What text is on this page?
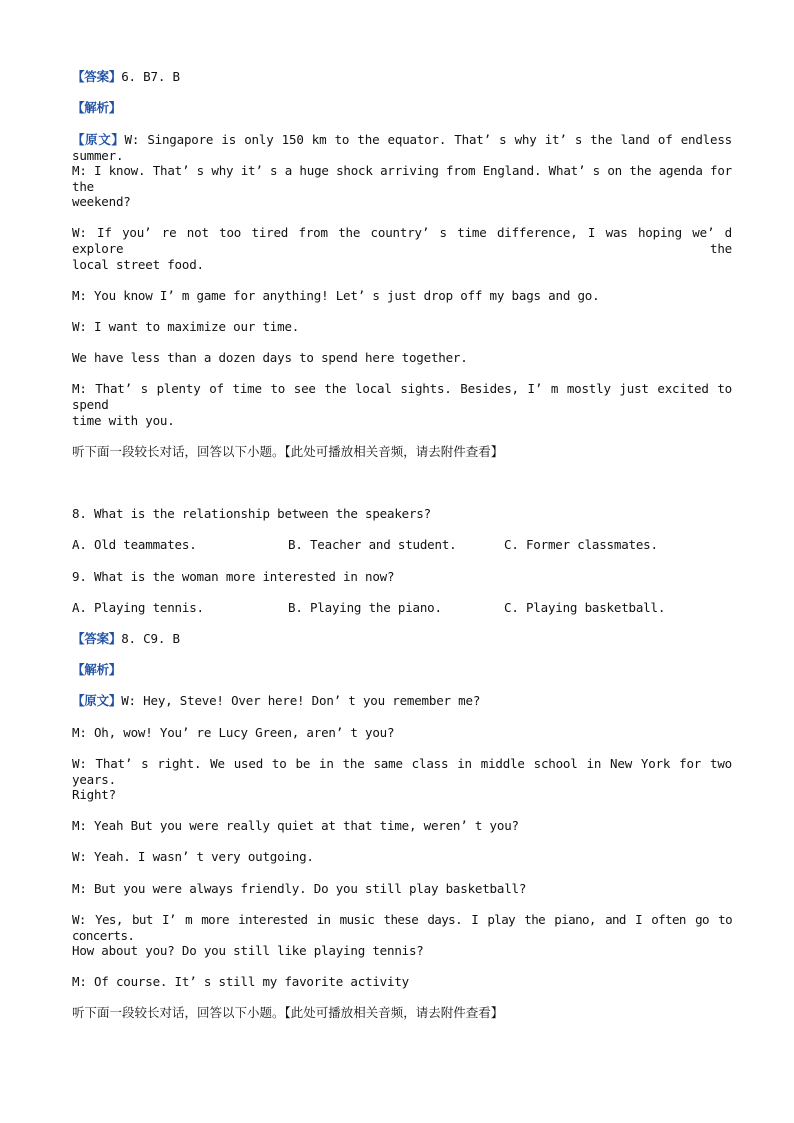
【答案】6. B7. B
【解析】
【原文】W: Singapore is only 150 km to the equator. That’ s why it’ s the land of endless summer.
M: I know. That’ s why it’ s a huge shock arriving from England. What’ s on the agenda for the
weekend?
W: If you’ re not too tired from the country’ s time difference, I was hoping we’ d explore the
local street food.
M: You know I’ m game for anything! Let’ s just drop off my bags and go.
W: I want to maximize our time.
We have less than a dozen days to spend here together.
M: That’ s plenty of time to see the local sights. Besides, I’ m mostly just excited to spend
time with you.
听下面一段较长对话，回答以下小题。【此处可播放相关音频，请去附件查看】
8. What is the relationship between the speakers?
A. Old teammates.	B. Teacher and student.	C. Former classmates.
9. What is the woman more interested in now?
A. Playing tennis.	B. Playing the piano.	C. Playing basketball.
【答案】8. C9. B
【解析】
【原文】W: Hey, Steve! Over here! Don’ t you remember me?
M: Oh, wow! You’ re Lucy Green, aren’ t you?
W: That’ s right. We used to be in the same class in middle school in New York for two years.
Right?
M: Yeah But you were really quiet at that time, weren’ t you?
W: Yeah. I wasn’ t very outgoing.
M: But you were always friendly. Do you still play basketball?
W: Yes, but I’ m more interested in music these days. I play the piano, and I often go to concerts.
How about you? Do you still like playing tennis?
M: Of course. It’ s still my favorite activity
听下面一段较长对话，回答以下小题。【此处可播放相关音频，请去附件查看】
